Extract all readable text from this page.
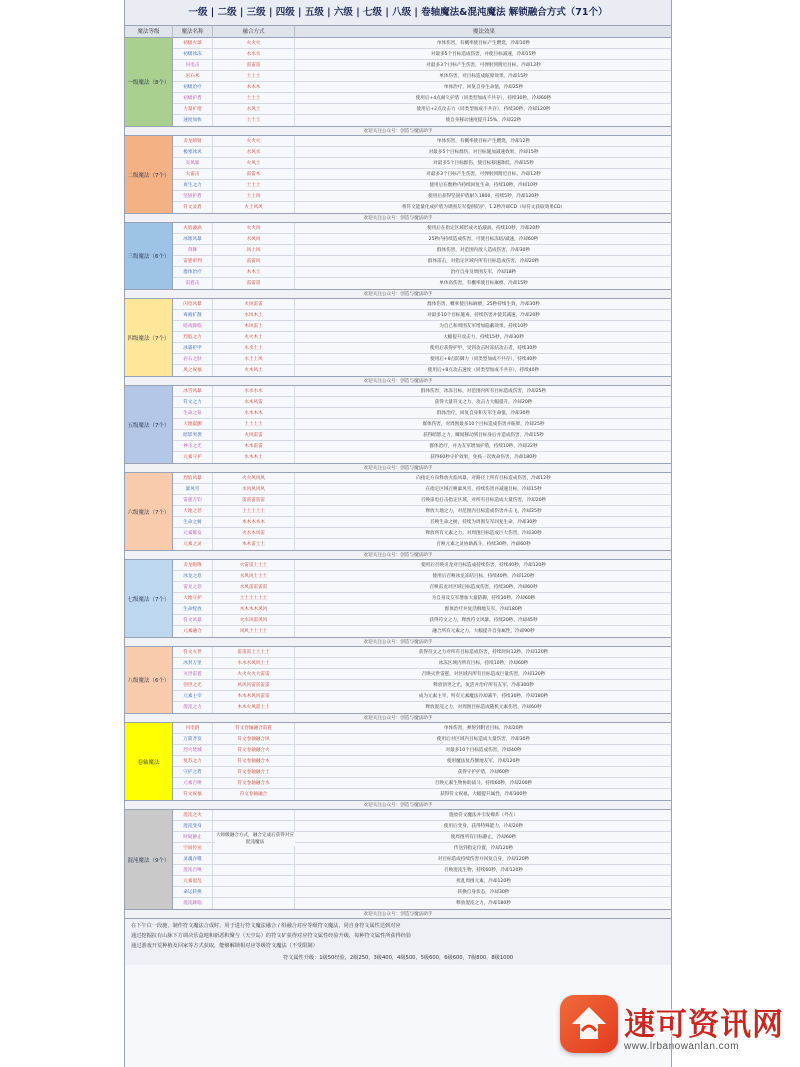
一级 | 二级 | 三级 | 四级 | 五级 | 六级 | 七级 | 八级 | 卷轴魔法&混沌魔法 解锁融合方式（71个）
魔法等级	魔法名称	融合方式	魔法效果
一级魔法（8个）
初级火球	火火火	单体伤害，有概率使目标产生燃烧，冷却10秒
初级冰冻	水水水	对最多5个目标造成伤害，并使目标减速，冷却15秒
闪电击	雷雷雷	对最多3个目标产生伤害，可弹射到附近目标，冷却12秒
岩石术	土土土	单体伤害，对目标造成眩晕效果，冷却15秒
初级治疗	木木木	单体治疗，回复自身生命值，冷却25秒
初级护盾	土土土	使用后+4点耐久护盾（同类型加成不共存），持续30秒，冷却60秒
力量扩增	水风土	使用后+2点攻击力（同类型加成不共存），持续30秒，冷却120秒
速度加快	土土土	使自身移动速度提升15%，冷却22秒
欢迎关注公众号：创造与魔法助手
二级魔法（7个）
炎龙喷射	火火火	单体伤害，有概率使目标产生燃烧，冷却12秒
极寒冰风	水风水	对最多5个目标群伤，对目标施加减速效果，冷却15秒
炎风暴	火风土	对最多5个目标群伤，使目标移速降低，冷却15秒
大雷击	雷雷木	对最多3个目标产生伤害，可弹射到附近目标，冷却12秒
再生之力	土土土	使用后在数秒内持续回复生命，持续10秒，冷却10秒
坚固护盾	土土风	使用后获得坚固护盾耐久1800，持续5秒，冷却120秒
符文灵盾	火土风风	将符文能量化成护盾为周围友军提供防护，1.2秒冷却CD（每符文获取效果CD）
欢迎关注公众号：创造与魔法助手
三级魔法（6个）
火焰漩涡	火火风	使用后在指定区域形成火焰漩涡，持续10秒，冷却20秒
冰锥风暴	水风风	25秒内持续造成伤害，可使目标冻结/减速，冷却60秒
剑舞	风土风	群体伤害，对范围内敌人造成伤害，冷却30秒
雷霆审判	雷雷风	群体雷击，对指定区域内所有目标造成伤害，冷却20秒
群体治疗	木木土	治疗自身及周围友军，冷却18秒
雷霆击	雷雷雷	单体高伤害，有概率使目标麻痹，冷却15秒
欢迎关注公众号：创造与魔法助手
四级魔法（7个）
闪电风暴	火风雷雷	群体伤害，概率使目标麻痹，25秒持续生效，冷却30秒
毒液扩散	水风木土	对最多10个目标施毒，持续伤害并使其减速，冷却20秒
暗夜降临	木风雷土	为自己和周围友军增加隐蔽效果，持续10秒
烈焰之力	火火木土	大幅提升攻击力，持续15秒，冷却30秒
冰霜护甲	水水土土	使用后获得护甲，受到攻击时冻结攻击者，持续30秒
岩石之肤	水土土风	使用后+8点防御力（同类型加成不共存），持续40秒
风之祝福	火木风土	使用后+8点攻击速度（同类型加成不共存），持续40秒
欢迎关注公众号：创造与魔法助手
五级魔法（7个）
冰雪风暴	水水水水	群体伤害，冰冻目标，对范围内所有目标造成伤害，冷却25秒
符文之力	水木风雷	获得大量符文之力，攻击力大幅提升，冷却20秒
生命之泉	水木木木	群体治疗，回复自身和友军生命值，冷却30秒
大地震颤	土土土土	群体伤害，对周围最多10个目标造成伤害并眩晕，冷却25秒
暗影突袭	火风雷雷	获得暗影之力，瞬间移动到目标身后并造成伤害，冷却15秒
神圣之光	木木雷雷	群体治疗，并为友军增加护盾，持续10秒，冷却22秒
元素守护	水木木土	获得60秒守护效果，免疫一次致命伤害，冷却180秒
欢迎关注公众号：创造与魔法助手
六级魔法（7个）
烈焰风暴	火火风风风	向指定方向释放火焰风暴，对路径上所有目标造成伤害，冷却12秒
暴风雪	水风风风风	在指定区域召唤暴风雪，持续伤害并减速目标，冷却15秒
雷霆万钧	雷雷雷雷雷	召唤雷电打击指定区域，对所有目标造成大量伤害，冷却20秒
大地之怒	土土土土土	释放大地之力，对范围内目标造成伤害并击飞，冷却25秒
生命之树	木木木木木	召唤生命之树，持续为周围友军回复生命，冷却30秒
元素爆发	火水木风雷	释放所有元素之力，对周围目标造成巨大伤害，冷却30秒
元素之灵	木木雷土土	召唤元素之灵协助战斗，持续30秒，冷却60秒
欢迎关注公众号：创造与魔法助手
七级魔法（7个）
炎龙咆哮	火雷雷土土土	使用后召唤炎龙对目标造成持续伤害，持续40秒，冷却120秒
冰龙之息	水风风土土土	使用后召唤冰龙冻结目标，持续40秒，冷却120秒
雷龙之怒	水风雷雷雷雷	召唤雷龙对区域目标造成伤害，持续30秒，冷却60秒
大地守护	土土土土土土	为自身及友军增加大量防御，持续30秒，冷却60秒
生命绽放	木木木木风风	群体治疗并复活倒地友军，冷却180秒
符文风暴	火水风雷风风	获得符文之力，释放符文风暴，持续20秒，冷却45秒
元素融合	风风土土土土	融合所有元素之力，大幅提升自身属性，冷却90秒
欢迎关注公众号：创造与魔法助手
八级魔法（6个）
符文灭世	雷雷雷土土土土	获得符文之力对所有目标造成伤害，持续时间12秒，冷却120秒
冰封万里	水水水风风土土	冰冻区域内所有目标，持续10秒，冷却60秒
灭世雷霆	火火火火大雷雷	召唤灭世雷霆，对区域内所有目标造成巨量伤害，冷却120秒
创世之光	风风风雷雷雷雷	释放创世之光，复活并治疗所有友军，冷却300秒
元素主宰	木木木风风雷雷	成为元素主宰，所有元素魔法冷却减半，持续30秒，冷却180秒
混沌之力	木木火风雷土土	释放混沌之力，对周围目标造成随机元素伤害，冷却60秒
欢迎关注公众号：创造与魔法助手
卷轴魔法
闪电链	符文卷轴融合雷霆	单体伤害，弹射到附近目标，冷却20秒
万箭齐发	符文卷轴融合风	使用后对区域内目标造成大量伤害，冷却30秒
烈火焚城	符文卷轴融合火	对最多10个目标造成伤害，冷却40秒
复苏之力	符文卷轴融合木	使用魔法复苏倒地友军，冷却120秒
守护之盾	符文卷轴融合土	获得守护护盾，冷却60秒
元素召唤	符文卷轴融合水	召唤元素生物协助战斗，持续60秒，冷却200秒
符文祝福	符文卷轴融合	获得符文祝福，大幅提升属性，冷却300秒
欢迎关注公众号：创造与魔法助手
混沌魔法（9个）
混沌之火	施放符文魔法并引发爆炸（外在）
混沌变身	使用后变身，获得特殊能力，冷却20秒
时间静止	使周围所有目标静止，冷却60秒
空间传送	传送到指定位置，冷却120秒
灵魂吞噬	对目标造成持续伤害并回复自身，冷却120秒
混沌召唤	召唤混沌生物，持续60秒，冷却120秒
元素混乱	扰乱周围元素，冷却120秒
命运转换	转换自身状态，冷却30秒
混沌降临	释放混沌之力，冷却180秒
大师级融合方式，融合完成后获得对应混沌魔法
欢迎关注公众号：创造与魔法助手

在下午白一段施，制作符文魔法合成时，用于进行符文魔法融合 / 组融合对应等级符文魔法，同自身符文属性达到对应

通过挖掘抗有山脉下方调决乐盒地和新恶积聚与（天空岛）的符文矿获得对应符文属性经验升级，每种符文属性所获得经验

通过游戏开荒种植及回家等方式获取，能够解锁相对应等级符文魔法（不受限制）

符文属性升级：1级50经验，2级250，3级400，4级500，5级600，6级600，7级800，8级1000

速可资讯网
www.lrbanowanlan.com
